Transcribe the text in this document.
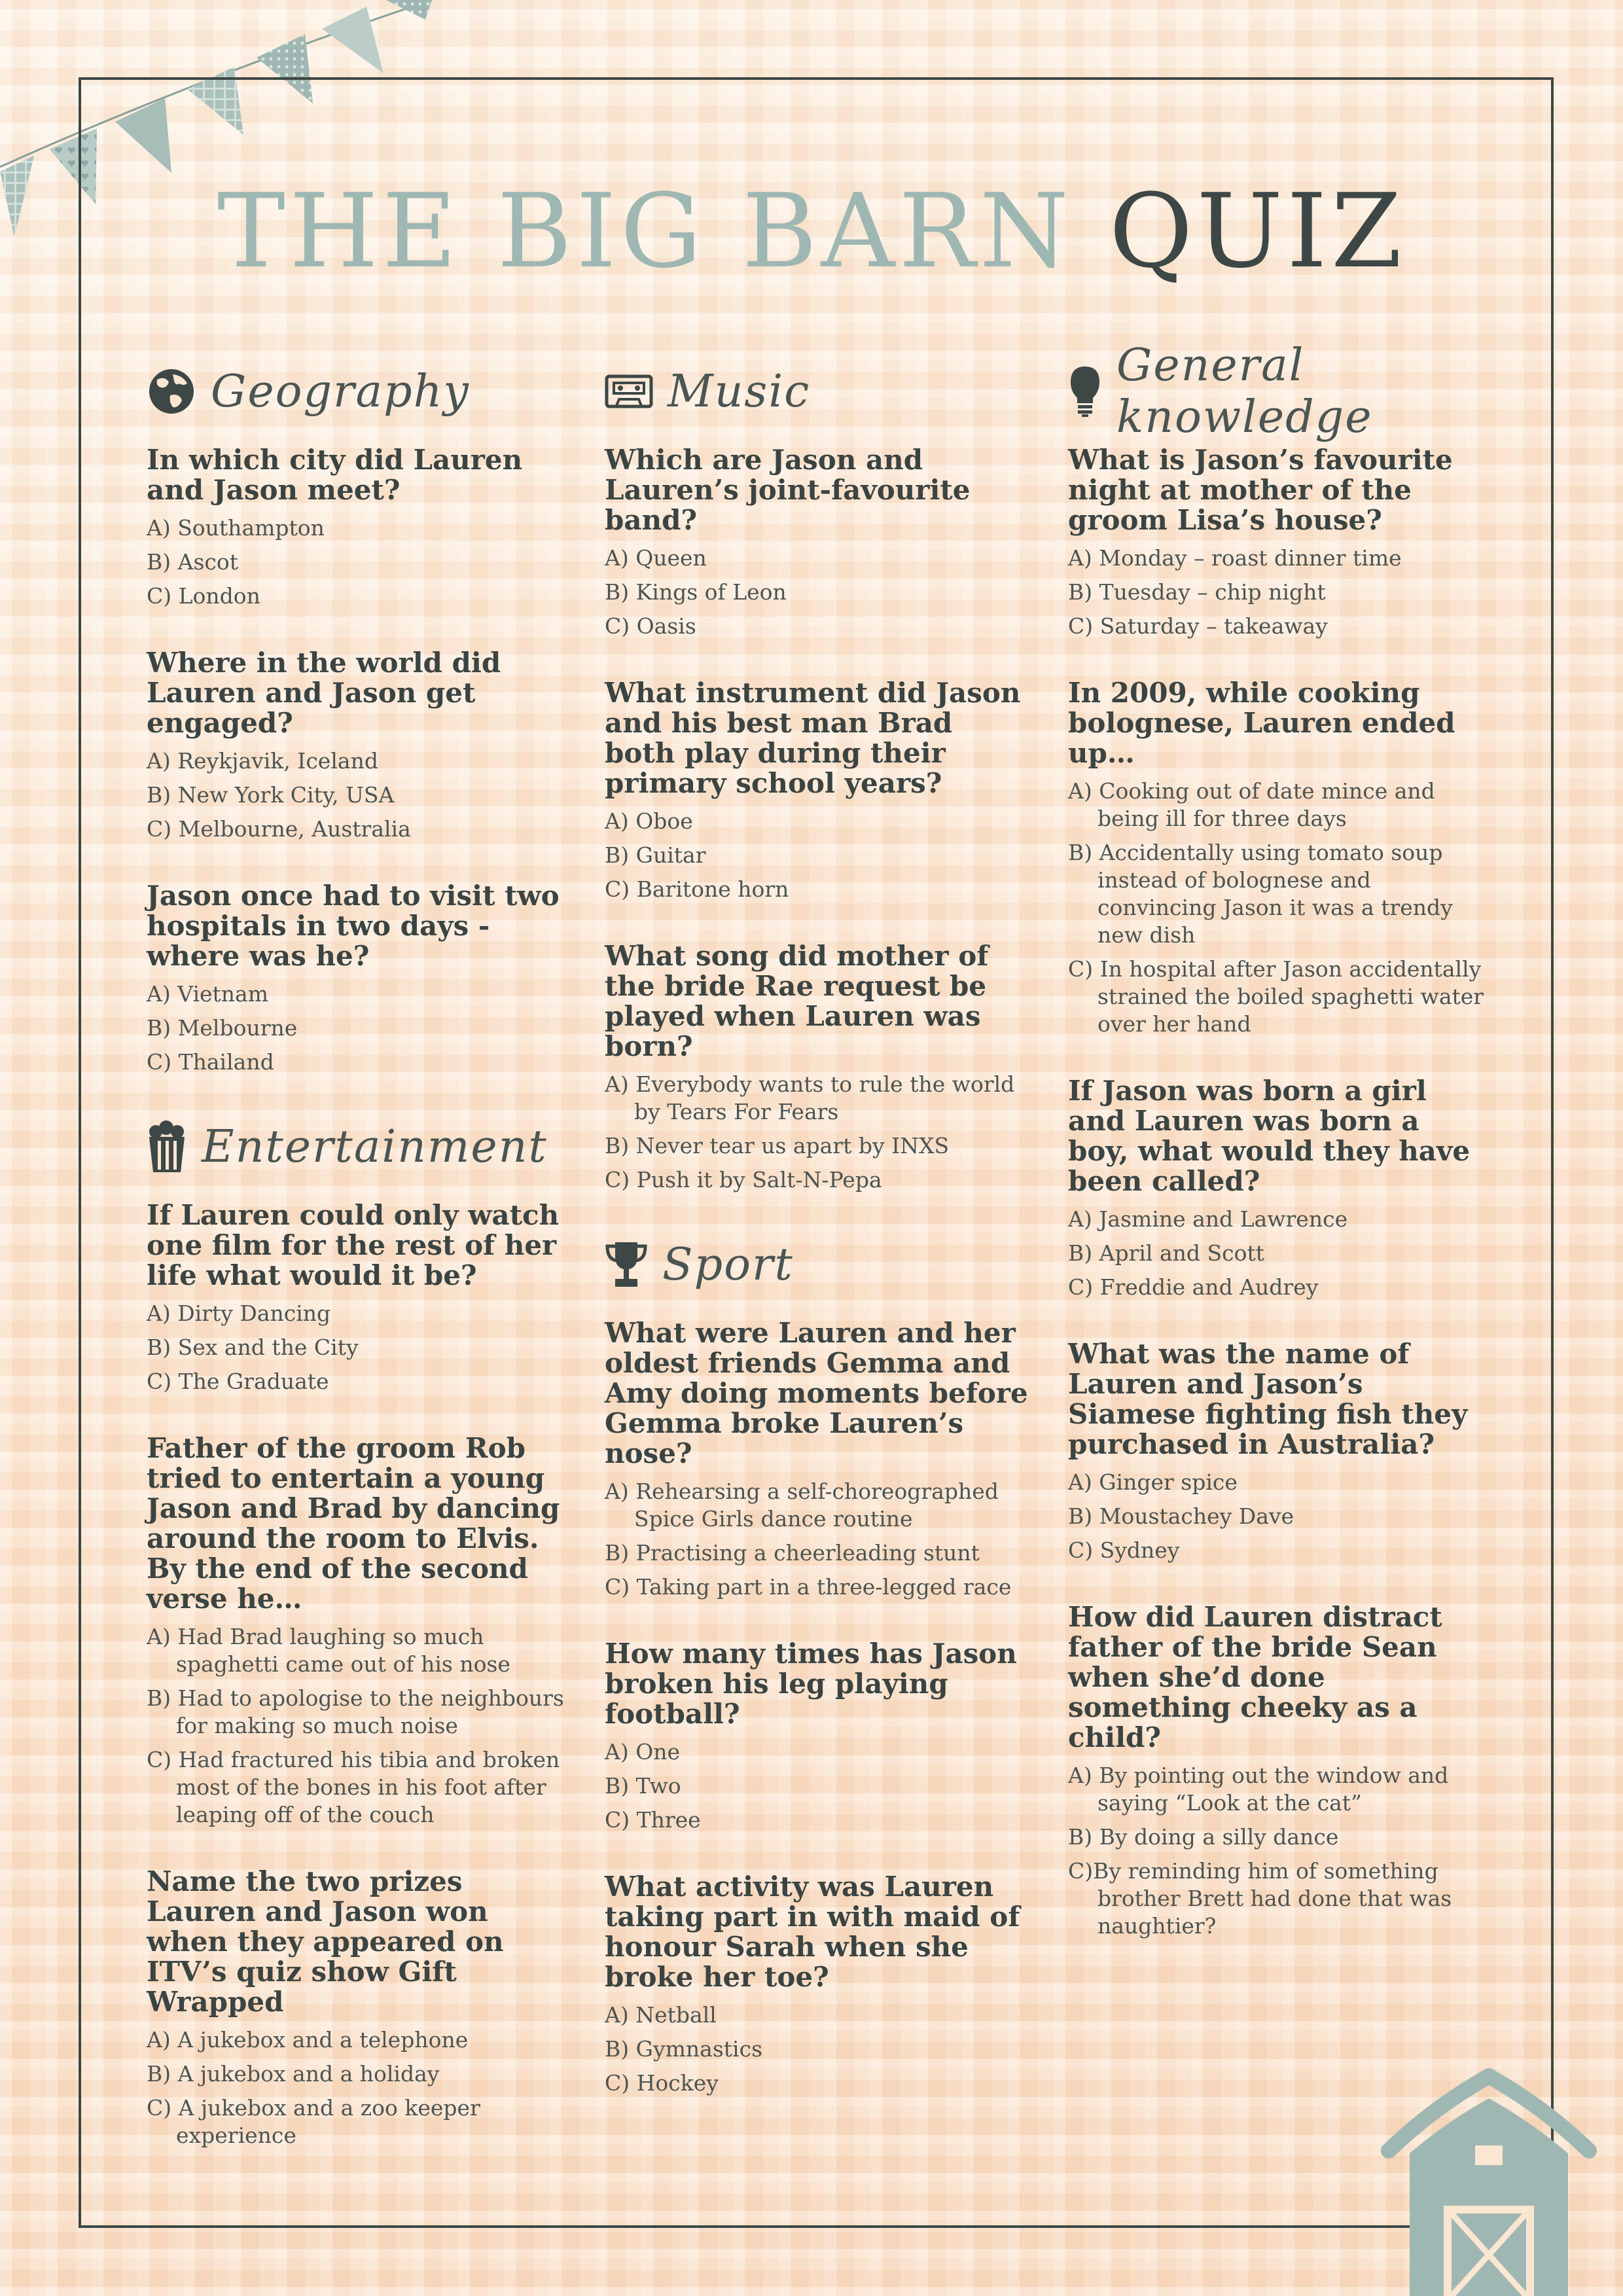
THE BIG BARN QUIZ
Geography
In which city did Lauren and Jason meet?
A) Southampton
B) Ascot
C) London
Where in the world did Lauren and Jason get engaged?
A) Reykjavik, Iceland
B) New York City, USA
C) Melbourne, Australia
Jason once had to visit two hospitals in two days - where was he?
A) Vietnam
B) Melbourne
C) Thailand
Entertainment
If Lauren could only watch one film for the rest of her life what would it be?
A) Dirty Dancing
B) Sex and the City
C) The Graduate
Father of the groom Rob tried to entertain a young Jason and Brad by dancing around the room to Elvis. By the end of the second verse he…
A) Had Brad laughing so much spaghetti came out of his nose
B) Had to apologise to the neighbours for making so much noise
C) Had fractured his tibia and broken most of the bones in his foot after leaping off of the couch
Name the two prizes Lauren and Jason won when they appeared on ITV’s quiz show Gift Wrapped
A) A jukebox and a telephone
B) A jukebox and a holiday
C) A jukebox and a zoo keeper experience
Music
Which are Jason and Lauren’s joint-favourite band?
A) Queen
B) Kings of Leon
C) Oasis
What instrument did Jason and his best man Brad both play during their primary school years?
A) Oboe
B) Guitar
C) Baritone horn
What song did mother of the bride Rae request be played when Lauren was born?
A) Everybody wants to rule the world by Tears For Fears
B) Never tear us apart by INXS
C) Push it by Salt-N-Pepa
Sport
What were Lauren and her oldest friends Gemma and Amy doing moments before Gemma broke Lauren’s nose?
A) Rehearsing a self-choreographed Spice Girls dance routine
B) Practising a cheerleading stunt
C) Taking part in a three-legged race
How many times has Jason broken his leg playing football?
A) One
B) Two
C) Three
What activity was Lauren taking part in with maid of honour Sarah when she broke her toe?
A) Netball
B) Gymnastics
C) Hockey
General knowledge
What is Jason’s favourite night at mother of the groom Lisa’s house?
A) Monday – roast dinner time
B) Tuesday – chip night
C) Saturday – takeaway
In 2009, while cooking bolognese, Lauren ended up…
A) Cooking out of date mince and being ill for three days
B) Accidentally using tomato soup instead of bolognese and convincing Jason it was a trendy new dish
C) In hospital after Jason accidentally strained the boiled spaghetti water over her hand
If Jason was born a girl and Lauren was born a boy, what would they have been called?
A) Jasmine and Lawrence
B) April and Scott
C) Freddie and Audrey
What was the name of Lauren and Jason’s Siamese fighting fish they purchased in Australia?
A) Ginger spice
B) Moustachey Dave
C) Sydney
How did Lauren distract father of the bride Sean when she’d done something cheeky as a child?
A) By pointing out the window and saying “Look at the cat”
B) By doing a silly dance
C)By reminding him of something brother Brett had done that was naughtier?
